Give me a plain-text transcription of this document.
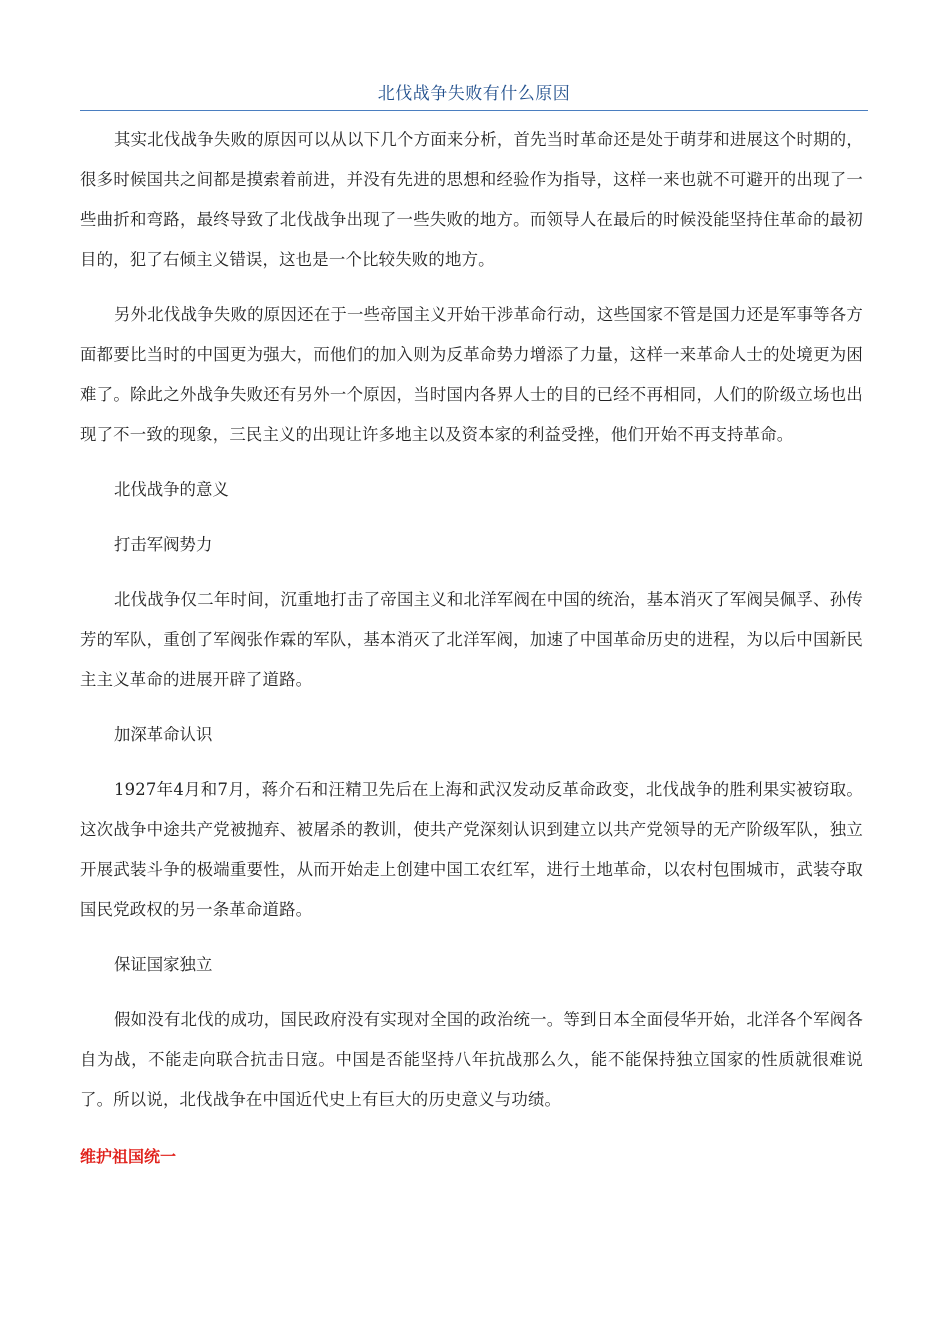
北伐战争失败有什么原因

其实北伐战争失败的原因可以从以下几个方面来分析，首先当时革命还是处于萌芽和进展这个时期的，很多时候国共之间都是摸索着前进，并没有先进的思想和经验作为指导，这样一来也就不可避开的出现了一些曲折和弯路，最终导致了北伐战争出现了一些失败的地方。而领导人在最后的时候没能坚持住革命的最初目的，犯了右倾主义错误，这也是一个比较失败的地方。

另外北伐战争失败的原因还在于一些帝国主义开始干涉革命行动，这些国家不管是国力还是军事等各方面都要比当时的中国更为强大，而他们的加入则为反革命势力增添了力量，这样一来革命人士的处境更为困难了。除此之外战争失败还有另外一个原因，当时国内各界人士的目的已经不再相同，人们的阶级立场也出现了不一致的现象，三民主义的出现让许多地主以及资本家的利益受挫，他们开始不再支持革命。

北伐战争的意义

打击军阀势力

北伐战争仅二年时间，沉重地打击了帝国主义和北洋军阀在中国的统治，基本消灭了军阀吴佩孚、孙传芳的军队，重创了军阀张作霖的军队，基本消灭了北洋军阀，加速了中国革命历史的进程，为以后中国新民主主义革命的进展开辟了道路。

加深革命认识

1927年4月和7月，蒋介石和汪精卫先后在上海和武汉发动反革命政变，北伐战争的胜利果实被窃取。这次战争中途共产党被抛弃、被屠杀的教训，使共产党深刻认识到建立以共产党领导的无产阶级军队，独立开展武装斗争的极端重要性，从而开始走上创建中国工农红军，进行土地革命，以农村包围城市，武装夺取国民党政权的另一条革命道路。

保证国家独立

假如没有北伐的成功，国民政府没有实现对全国的政治统一。等到日本全面侵华开始，北洋各个军阀各自为战，不能走向联合抗击日寇。中国是否能坚持八年抗战那么久，能不能保持独立国家的性质就很难说了。所以说，北伐战争在中国近代史上有巨大的历史意义与功绩。

维护祖国统一
